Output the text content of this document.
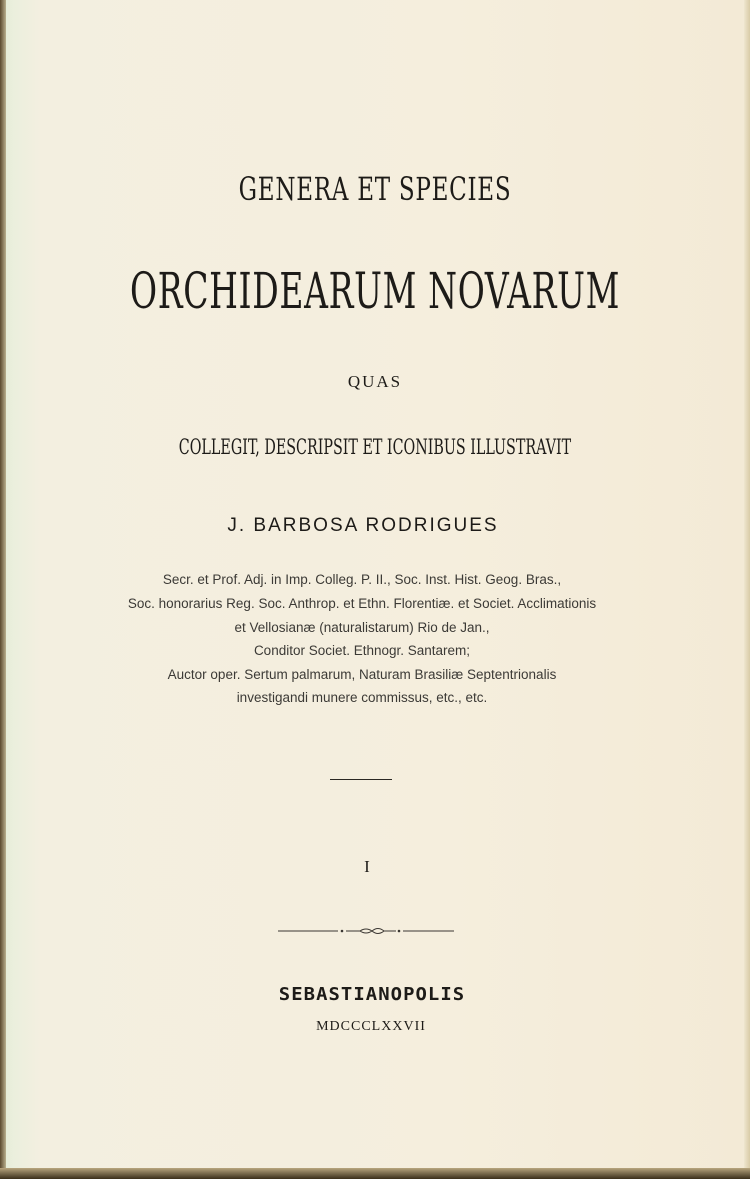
GENERA ET SPECIES
ORCHIDEARUM NOVARUM
QUAS
COLLEGIT, DESCRIPSIT ET ICONIBUS ILLUSTRAVIT
J. BARBOSA RODRIGUES
Secr. et Prof. Adj. in Imp. Colleg. P. II., Soc. Inst. Hist. Geog. Bras.,
Soc. honorarius Reg. Soc. Anthrop. et Ethn. Florentiæ. et Societ. Acclimationis
et Vellosianæ (naturalistarum) Rio de Jan.,
Conditor Societ. Ethnogr. Santarem;
Auctor oper. Sertum palmarum, Naturam Brasiliæ Septentrionalis
investigandi munere commissus, etc., etc.
I
SEBASTIANOPOLIS
MDCCCLXXVII
